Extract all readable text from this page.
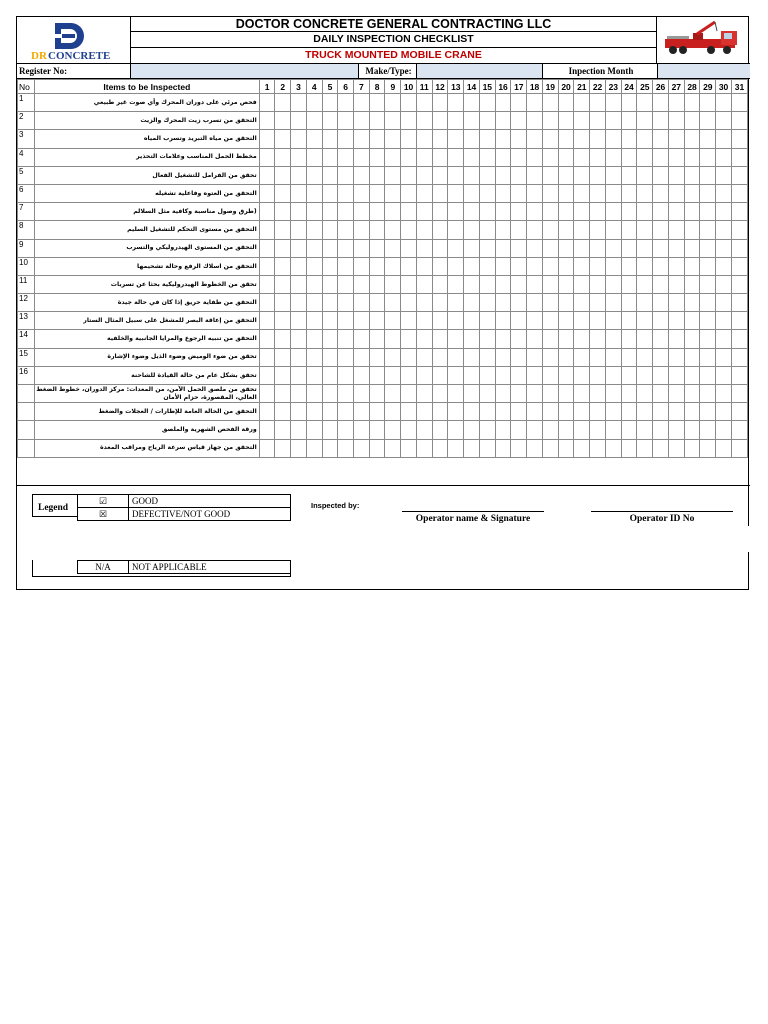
DR CONCRETE
DOCTOR CONCRETE GENERAL CONTRACTING LLC
DAILY INSPECTION CHECKLIST
TRUCK MOUNTED MOBILE CRANE
Register No:	Make/Type:	Inpection Month
No	Items to be Inspected	1	2	3	4	5	6	7	8	9	10	11	12	13	14	15	16	17	18	19	20	21	22	23	24	25	26	27	28	29	30	31
1	فحص مرئي على دوران المحرك وأي صوت غير طبيعي																															
2	التحقق من تسرب زيت المحرك والزيت																															
3	التحقق من مياه التبريد وتسرب المياه																															
4	مخطط الحمل المناسب وعلامات التحذير																															
5	تحقق من الفرامل للتشغيل الفعال																															
6	التحقق من العتوه وفاعلية تشغيله																															
7	(طرق وصول مناسبة وكافية مثل السلالم																															
8	التحقق من مستوى التحكم للتشغيل السليم																															
9	التحقق من المستوى الهيدروليكي والتسرب																															
10	التحقق من اسلاك الرفع وحالة تشحيمها																															
11	تحقق من الخطوط الهيدروليكية بحثا عن تسربات																															
12	التحقق من طفاية حريق إذا كان في حالة جيدة																															
13	التحقق من إعاقة البصر للمشغل على سبيل المثال الستار																															
14	التحقق من تنبيه الرجوع والمرايا الجانبية والخلفية																															
15	تحقق من ضوء الوميض وضوء الذيل وضوء الإشارة																															
16	تحقق بشكل عام من حالة القيادة للشاحنة																															
	تحقق من ملصق الحمل الآمن، من المعدات: مركز الدوران، خطوط الضغط العالي، المقصورة، حزام الأمان																															
	التحقق من الحالة العامة للإطارات / العجلات والضغط																															
	ورقة الفحص الشهرية والملصق																															
	التحقق من جهاز قياس سرعة الرياح ومراقب المعدة																															
Legend
☑	GOOD
☒	DEFECTIVE/NOT GOOD
Inspected by:
Operator name & Signature	Operator ID No
N/A	NOT APPLICABLE
